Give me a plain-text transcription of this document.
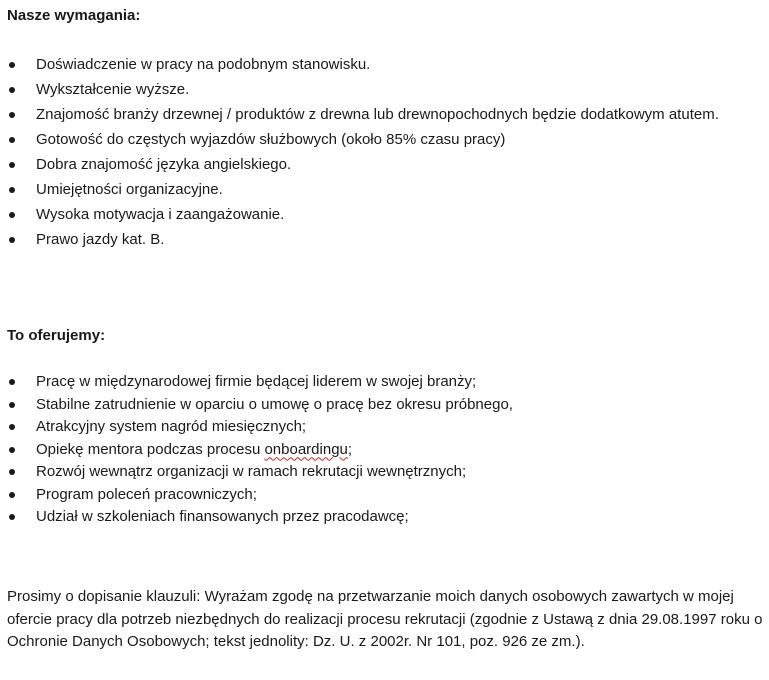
Nasze wymagania:
Doświadczenie w pracy na podobnym stanowisku.
Wykształcenie wyższe.
Znajomość branży drzewnej / produktów z drewna lub drewnopochodnych będzie dodatkowym atutem.
Gotowość do częstych wyjazdów służbowych (około 85% czasu pracy)
Dobra znajomość języka angielskiego.
Umiejętności organizacyjne.
Wysoka motywacja i zaangażowanie.
Prawo jazdy kat. B.
To oferujemy:
Pracę w międzynarodowej firmie będącej liderem w swojej branży;
Stabilne zatrudnienie w oparciu o umowę o pracę bez okresu próbnego,
Atrakcyjny system nagród miesięcznych;
Opiekę mentora podczas procesu onboardingu;
Rozwój wewnątrz organizacji w ramach rekrutacji wewnętrznych;
Program poleceń pracowniczych;
Udział w szkoleniach finansowanych przez pracodawcę;

Prosimy o dopisanie klauzuli: Wyrażam zgodę na przetwarzanie moich danych osobowych zawartych w mojej ofercie pracy dla potrzeb niezbędnych do realizacji procesu rekrutacji (zgodnie z Ustawą z dnia 29.08.1997 roku o Ochronie Danych Osobowych; tekst jednolity: Dz. U. z 2002r. Nr 101, poz. 926 ze zm.).
